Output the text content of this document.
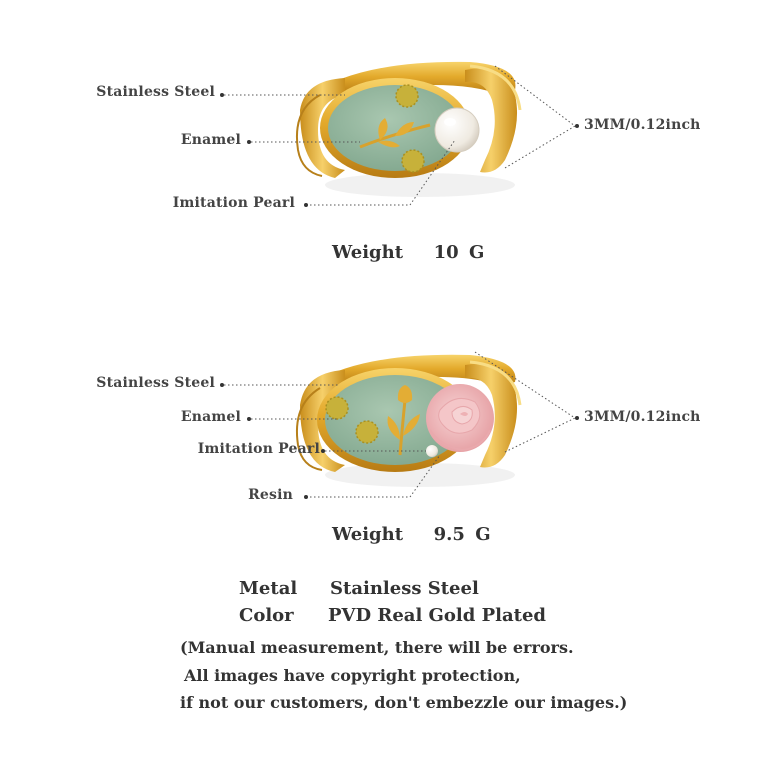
Stainless Steel
Enamel
Imitation Pearl
3MM/0.12inch
Weight 10 G
Stainless Steel
Enamel
Imitation Pearl
Resin
3MM/0.12inch
Weight 9.5 G
Metal Stainless Steel
Color PVD Real Gold Plated
(Manual measurement, there will be errors.
All images have copyright protection,
if not our customers, don't embezzle our images.)
